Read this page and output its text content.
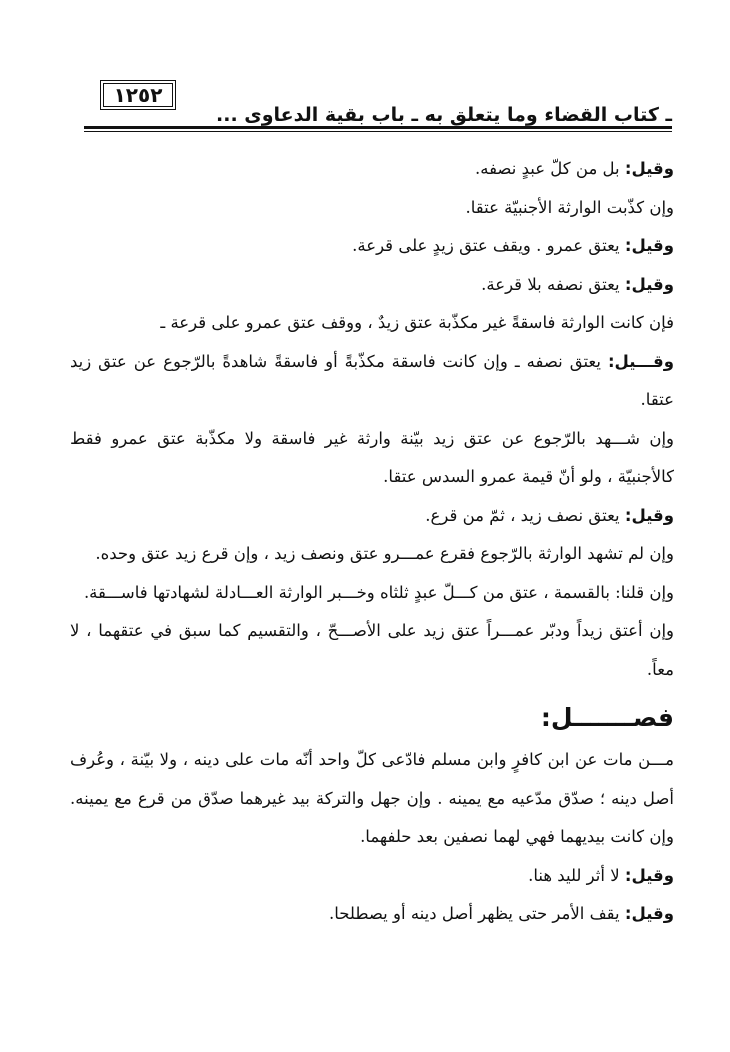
١٢٥٢
ـ كتاب القضاء وما يتعلق به ـ باب بقية الدعاوى ...

وقيل: بل من كلّ عبدٍ نصفه.

وإن كذّبت الوارثة الأجنبيّة عتقا.

وقيل: يعتق عمرو . ويقف عتق زيدٍ على قرعة.

وقيل: يعتق نصفه بلا قرعة.

فإن كانت الوارثة فاسقةً غير مكذّبة عتق زيدٌ ، ووقف عتق عمرو على قرعة ـ

وقـــيل: يعتق نصفه ـ وإن كانت فاسقة مكذّبةً أو فاسقةً شاهدةً بالرّجوع عن عتق زيد عتقا.

وإن شـــهد بالرّجوع عن عتق زيد بيّنة وارثة غير فاسقة ولا مكذّبة عتق عمرو فقط كالأجنبيّة ، ولو أنّ قيمة عمرو السدس عتقا.

وقيل: يعتق نصف زيد ، ثمّ من قرع.

وإن لم تشهد الوارثة بالرّجوع فقرع عمـــرو عتق ونصف زيد ، وإن قرع زيد عتق وحده.

وإن قلنا: بالقسمة ، عتق من كـــلّ عبدٍ ثلثاه وخـــبر الوارثة العـــادلة لشهادتها فاســـقة.

وإن أعتق زيداً ودبّر عمـــراً عتق زيد على الأصـــحّ ، والتقسيم كما سبق في عتقهما ، لا معاً.

فصـــــــل:

مـــن مات عن ابن كافرٍ وابن مسلم فادّعى كلّ واحد أنّه مات على دينه ، ولا بيّنة ، وعُرف أصل دينه ؛ صدّق مدّعيه مع يمينه . وإن جهل والتركة بيد غيرهما صدّق من قرع مع يمينه. وإن كانت بيديهما فهي لهما نصفين بعد حلفهما.

وقيل: لا أثر لليد هنا.

وقيل: يقف الأمر حتى يظهر أصل دينه أو يصطلحا.
